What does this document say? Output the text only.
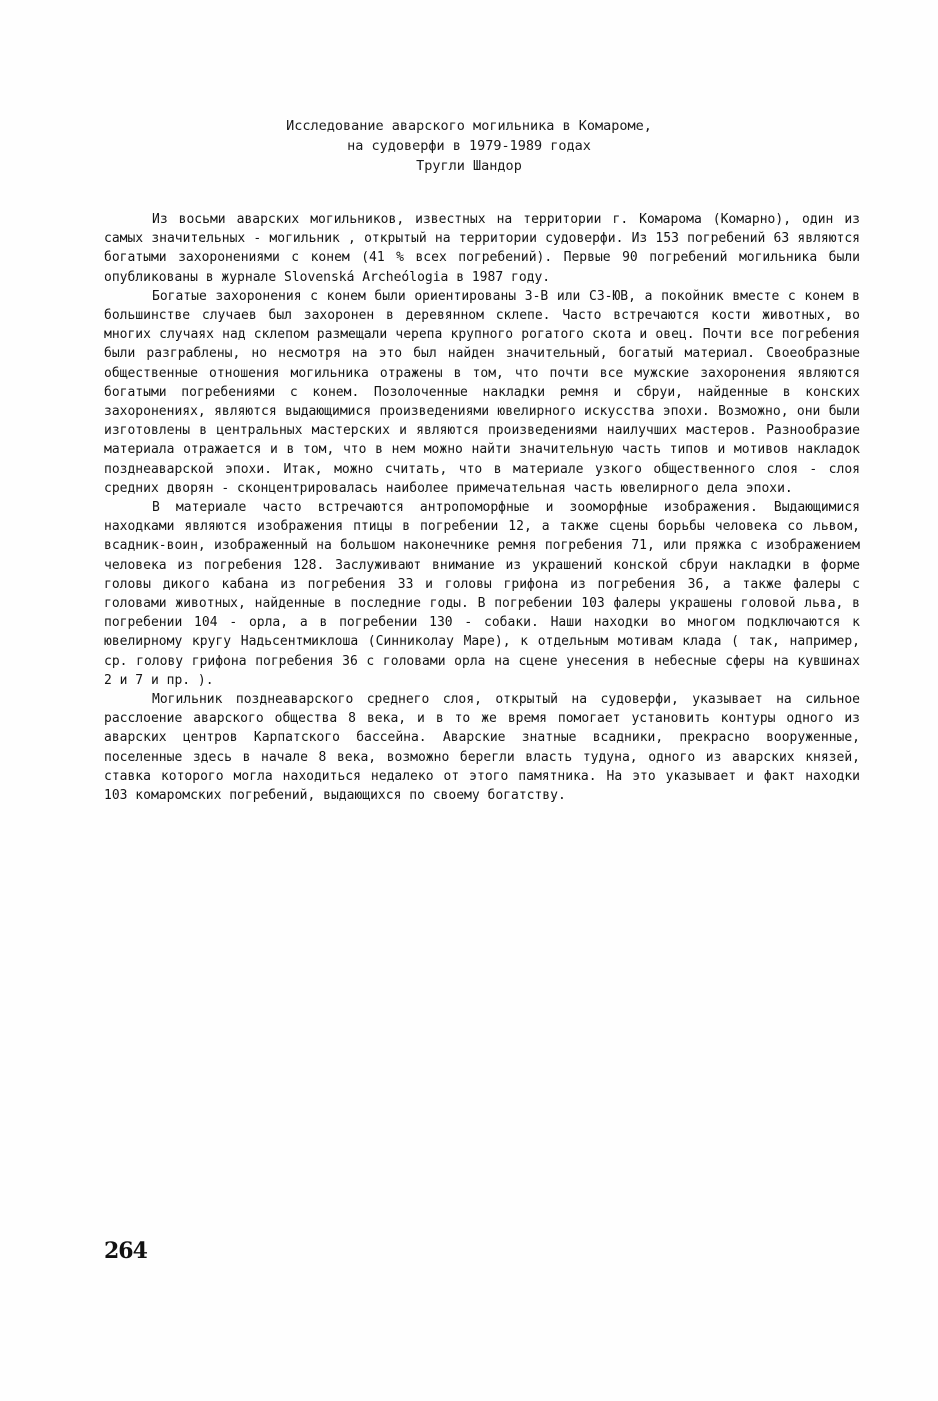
Исследование аварского могильника в Комароме,
на судоверфи в 1979-1989 годах
Тругли Шандор

Из восьми аварских могильников, известных на территории г. Комарома (Комарно), один из самых значительных - могильник , открытый на территории судоверфи. Из 153 погребений 63 являются богатыми захоронениями с конем (41 % всех погребений). Первые 90 погребений могильника были опубликованы в журнале Slovenská Archeólogia в 1987 году.

Богатые захоронения с конем были ориентированы З-В или СЗ-ЮВ, а покойник вместе с конем в большинстве случаев был захоронен в деревянном склепе. Часто встречаются кости животных, во многих случаях над склепом размещали черепа крупного рогатого скота и овец. Почти все погребения были разграблены, но несмотря на это был найден значительный, богатый материал. Своеобразные общественные отношения могильника отражены в том, что почти все мужские захоронения являются богатыми погребениями с конем. Позолоченные накладки ремня и сбруи, найденные в конских захоронениях, являются выдающимися произведениями ювелирного искусства эпохи. Возможно, они были изготовлены в центральных мастерских и являются произведениями наилучших мастеров. Разнообразие материала отражается и в том, что в нем можно найти значительную часть типов и мотивов накладок позднеаварской эпохи. Итак, можно считать, что в материале узкого общественного слоя - слоя средних дворян - сконцентрировалась наиболее примечательная часть ювелирного дела эпохи.

В материале часто встречаются антропоморфные и зооморфные изображения. Выдающимися находками являются изображения птицы в погребении 12, а также сцены борьбы человека со львом, всадник-воин, изображенный на большом наконечнике ремня погребения 71, или пряжка с изображением человека из погребения 128. Заслуживают внимание из украшений конской сбруи накладки в форме головы дикого кабана из погребения 33 и головы грифона из погребения 36, а также фалеры с головами животных, найденные в последние годы. В погребении 103 фалеры украшены головой льва, в погребении 104 - орла, а в погребении 130 - собаки. Наши находки во многом подключаются к ювелирному кругу Надьсентмиклоша (Синниколау Маре), к отдельным мотивам клада ( так, например, ср. голову грифона погребения 36 с головами орла на сцене унесения в небесные сферы на кувшинах 2 и 7 и пр. ).

Могильник позднеаварского среднего слоя, открытый на судоверфи, указывает на сильное расслоение аварского общества 8 века, и в то же время помогает установить контуры одного из аварских центров Карпатского бассейна. Аварские знатные всадники, прекрасно вооруженные, поселенные здесь в начале 8 века, возможно берегли власть тудуна, одного из аварских князей, ставка которого могла находиться недалеко от этого памятника. На это указывает и факт находки 103 комаромских погребений, выдающихся по своему богатству.

264
